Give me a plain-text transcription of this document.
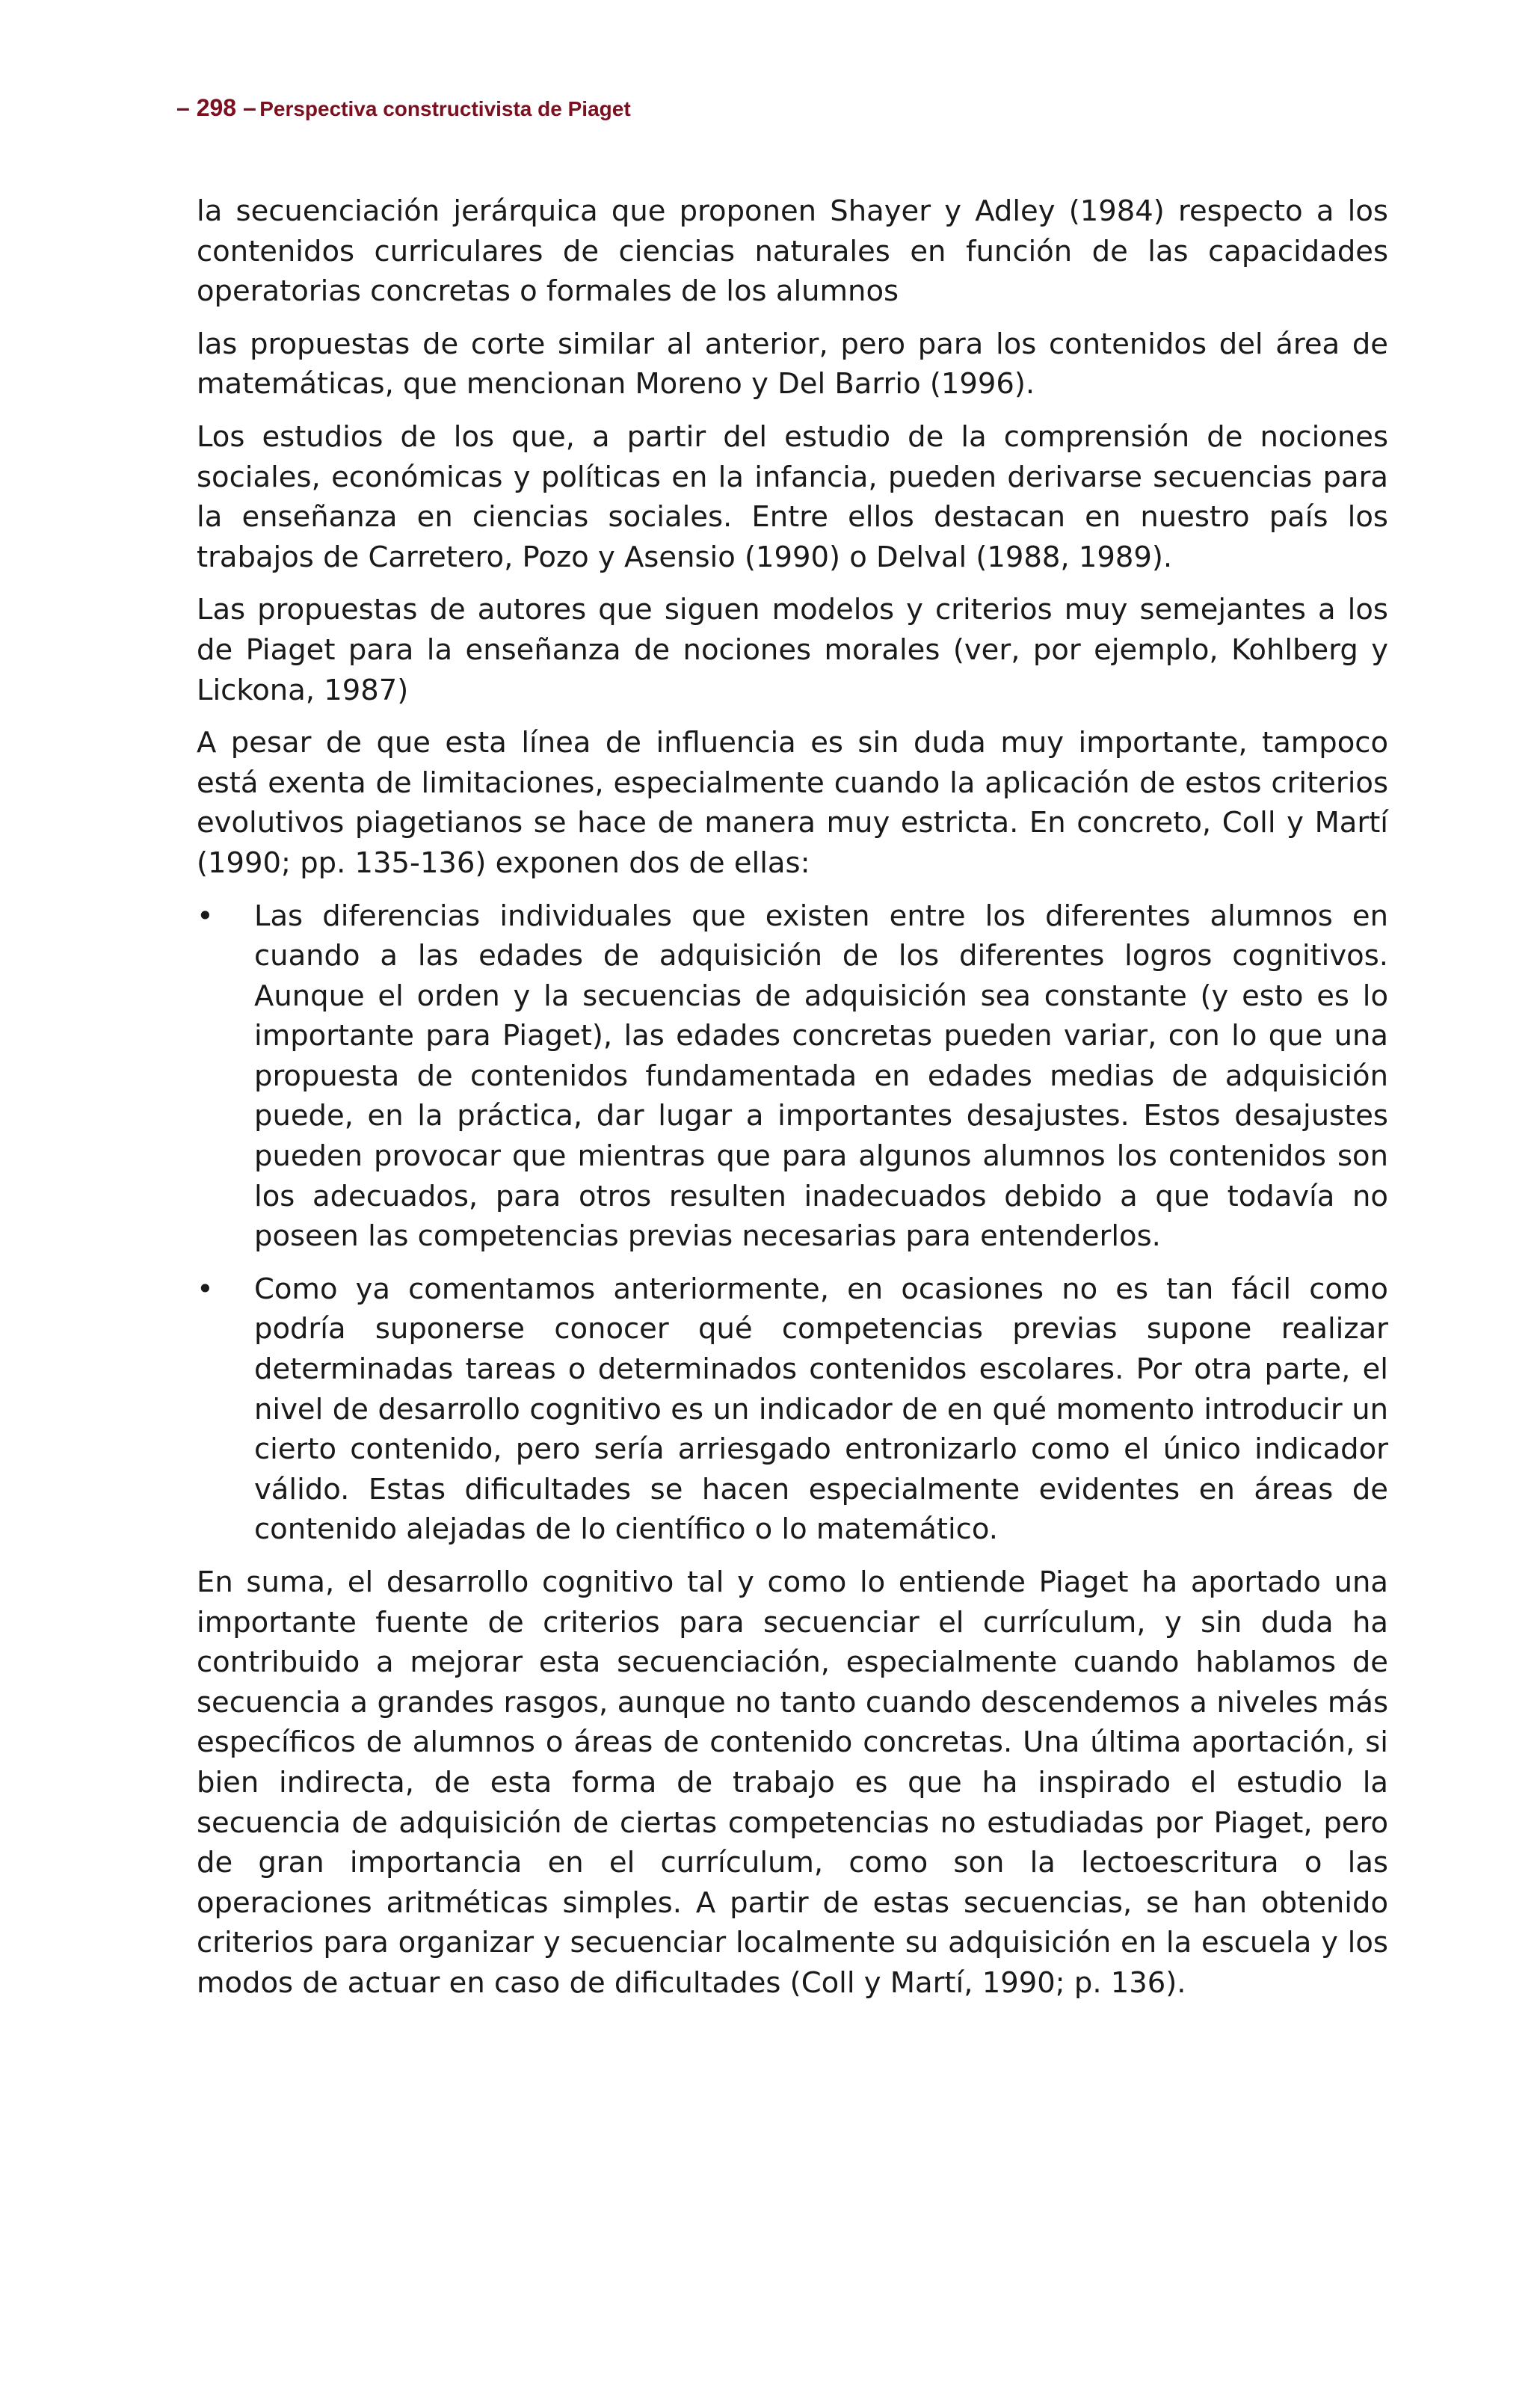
– 298 – Perspectiva constructivista de Piaget

la secuenciación jerárquica que proponen Shayer y Adley (1984) respecto a los contenidos curriculares de ciencias naturales en función de las capacidades operatorias concretas o formales de los alumnos

las propuestas de corte similar al anterior, pero para los contenidos del área de matemáticas, que mencionan Moreno y Del Barrio (1996).

Los estudios de los que, a partir del estudio de la comprensión de nociones sociales, económicas y políticas en la infancia, pueden derivarse secuencias para la enseñanza en ciencias sociales. Entre ellos destacan en nuestro país los trabajos de Carretero, Pozo y Asensio (1990) o Delval (1988, 1989).

Las propuestas de autores que siguen modelos y criterios muy semejantes a los de Piaget para la enseñanza de nociones morales (ver, por ejemplo, Kohlberg y Lickona, 1987)

A pesar de que esta línea de influencia es sin duda muy importante, tampoco está exenta de limitaciones, especialmente cuando la aplicación de estos criterios evolutivos piagetianos se hace de manera muy estricta. En concreto, Coll y Martí (1990; pp. 135-136) exponen dos de ellas:

• Las diferencias individuales que existen entre los diferentes alumnos en cuando a las edades de adquisición de los diferentes logros cognitivos. Aunque el orden y la secuencias de adquisición sea constante (y esto es lo importante para Piaget), las edades concretas pueden variar, con lo que una propuesta de contenidos fundamentada en edades medias de adquisición puede, en la práctica, dar lugar a importantes desajustes. Estos desajustes pueden provocar que mientras que para algunos alumnos los contenidos son los adecuados, para otros resulten inadecuados debido a que todavía no poseen las competencias previas necesarias para entenderlos.
• Como ya comentamos anteriormente, en ocasiones no es tan fácil como podría suponerse conocer qué competencias previas supone realizar determinadas tareas o determinados contenidos escolares. Por otra parte, el nivel de desarrollo cognitivo es un indicador de en qué momento introducir un cierto contenido, pero sería arriesgado entronizarlo como el único indicador válido. Estas dificultades se hacen especialmente evidentes en áreas de contenido alejadas de lo científico o lo matemático.

En suma, el desarrollo cognitivo tal y como lo entiende Piaget ha aportado una importante fuente de criterios para secuenciar el currículum, y sin duda ha contribuido a mejorar esta secuenciación, especialmente cuando hablamos de secuencia a grandes rasgos, aunque no tanto cuando descendemos a niveles más específicos de alumnos o áreas de contenido concretas. Una última aportación, si bien indirecta, de esta forma de trabajo es que ha inspirado el estudio la secuencia de adquisición de ciertas competencias no estudiadas por Piaget, pero de gran importancia en el currículum, como son la lectoescritura o las operaciones aritméticas simples. A partir de estas secuencias, se han obtenido criterios para organizar y secuenciar localmente su adquisición en la escuela y los modos de actuar en caso de dificultades (Coll y Martí, 1990; p. 136).
